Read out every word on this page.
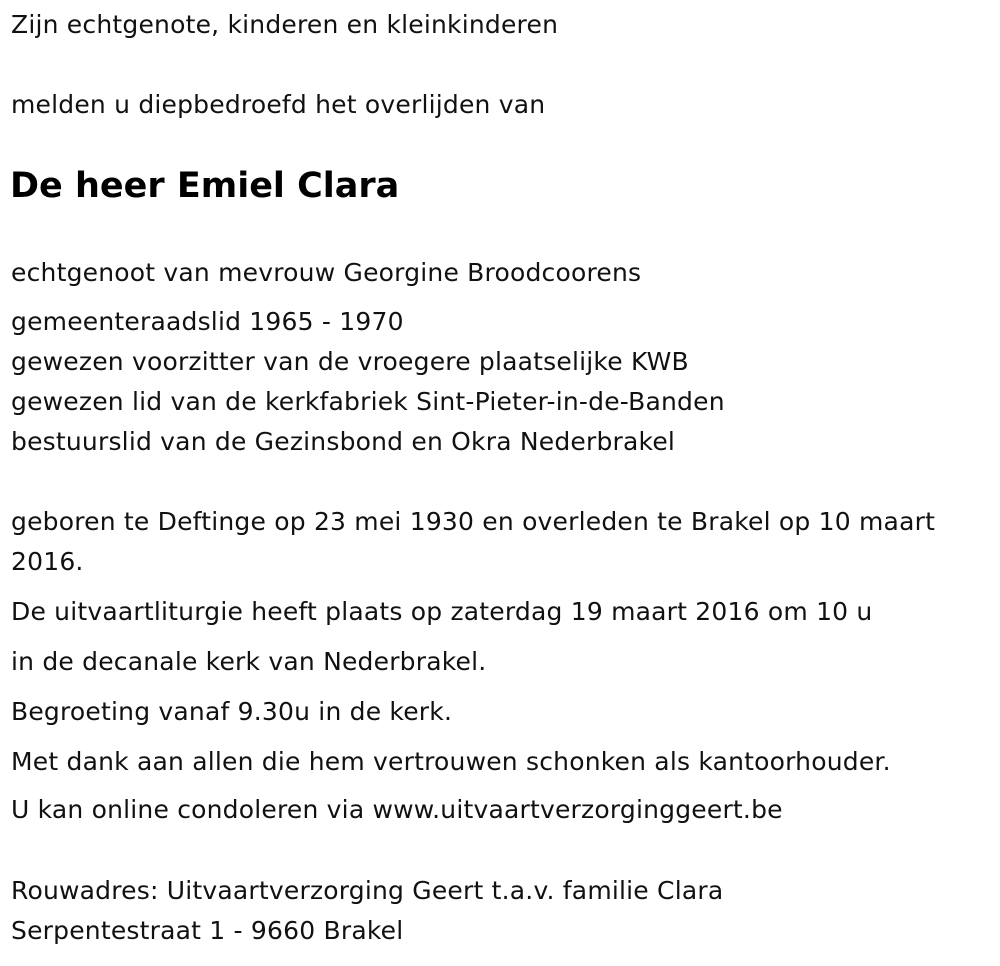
Zijn echtgenote, kinderen en kleinkinderen
melden u diepbedroefd het overlijden van
De heer Emiel Clara
echtgenoot van mevrouw Georgine Broodcoorens
gemeenteraadslid 1965 - 1970
gewezen voorzitter van de vroegere plaatselijke KWB
gewezen lid van de kerkfabriek Sint-Pieter-in-de-Banden
bestuurslid van de Gezinsbond en Okra Nederbrakel
geboren te Deftinge op 23 mei 1930 en overleden te Brakel op 10 maart
2016.
De uitvaartliturgie heeft plaats op zaterdag 19 maart 2016 om 10 u
in de decanale kerk van Nederbrakel.
Begroeting vanaf 9.30u in de kerk.
Met dank aan allen die hem vertrouwen schonken als kantoorhouder.
U kan online condoleren via www.uitvaartverzorginggeert.be
Rouwadres: Uitvaartverzorging Geert t.a.v. familie Clara
Serpentestraat 1 - 9660 Brakel
